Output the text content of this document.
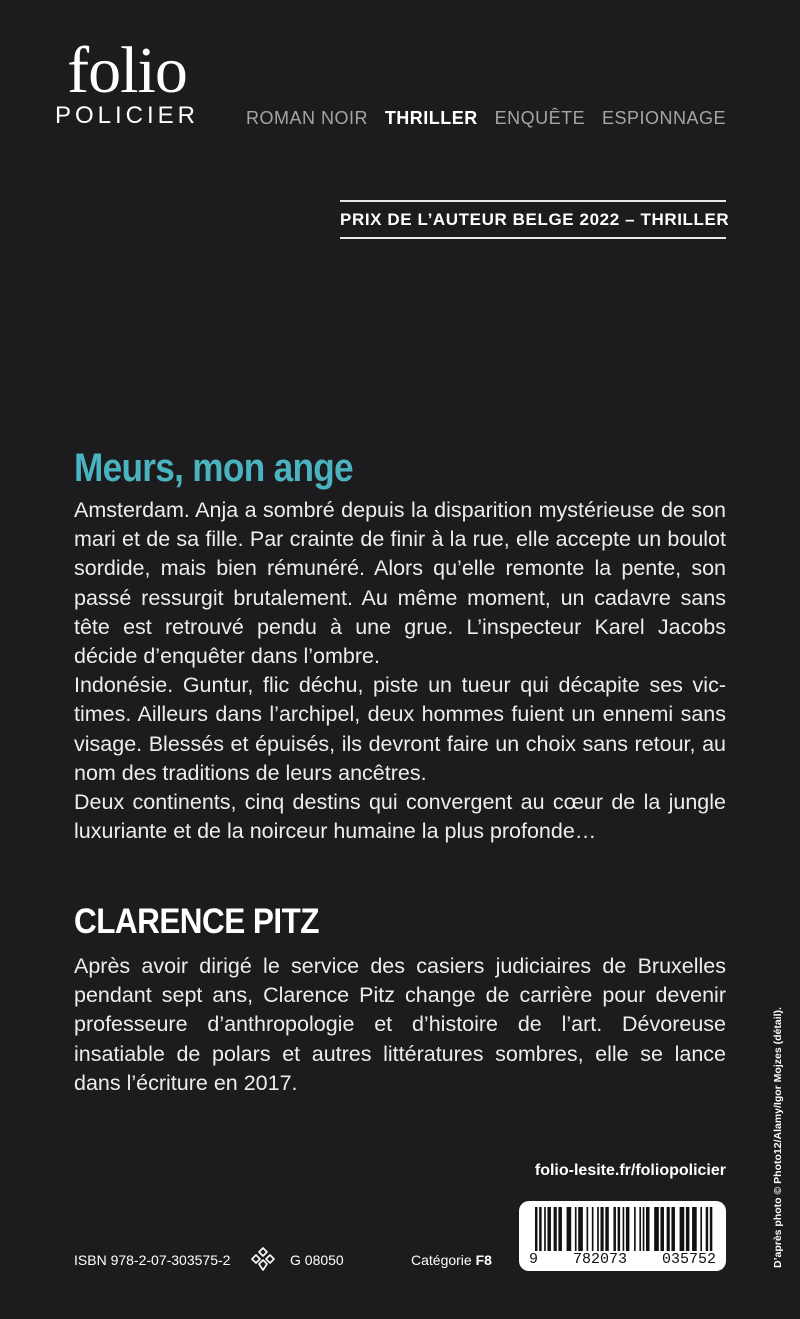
folio
POLICIER	ROMAN NOIR THRILLER ENQUÊTE ESPIONNAGE
PRIX DE L’AUTEUR BELGE 2022 – THRILLER
Meurs, mon ange

Amsterdam. Anja a sombré depuis la disparition mystérieuse de son mari et de sa fille. Par crainte de finir à la rue, elle accepte un boulot sordide, mais bien rémunéré. Alors qu’elle remonte la pente, son passé ressurgit brutalement. Au même moment, un cadavre sans tête est retrouvé pendu à une grue. L’inspecteur Karel Jacobs décide d’enquêter dans l’ombre.

Indonésie. Guntur, flic déchu, piste un tueur qui décapite ses victimes. Ailleurs dans l’archipel, deux hommes fuient un ennemi sans visage. Blessés et épuisés, ils devront faire un choix sans retour, au nom des traditions de leurs ancêtres.

Deux continents, cinq destins qui convergent au cœur de la jungle luxuriante et de la noirceur humaine la plus profonde…

CLARENCE PITZ

Après avoir dirigé le service des casiers judiciaires de Bruxelles pendant sept ans, Clarence Pitz change de carrière pour devenir professeure d’anthropologie et d’histoire de l’art. Dévoreuse insatiable de polars et autres littératures sombres, elle se lance dans l’écriture en 2017.

folio-lesite.fr/foliopolicier
ISBN 978-2-07-303575-2	G 08050	Catégorie F8 9 782073 035752	D’après photo © Photo12/Alamy/Igor Mojzes (détail).
